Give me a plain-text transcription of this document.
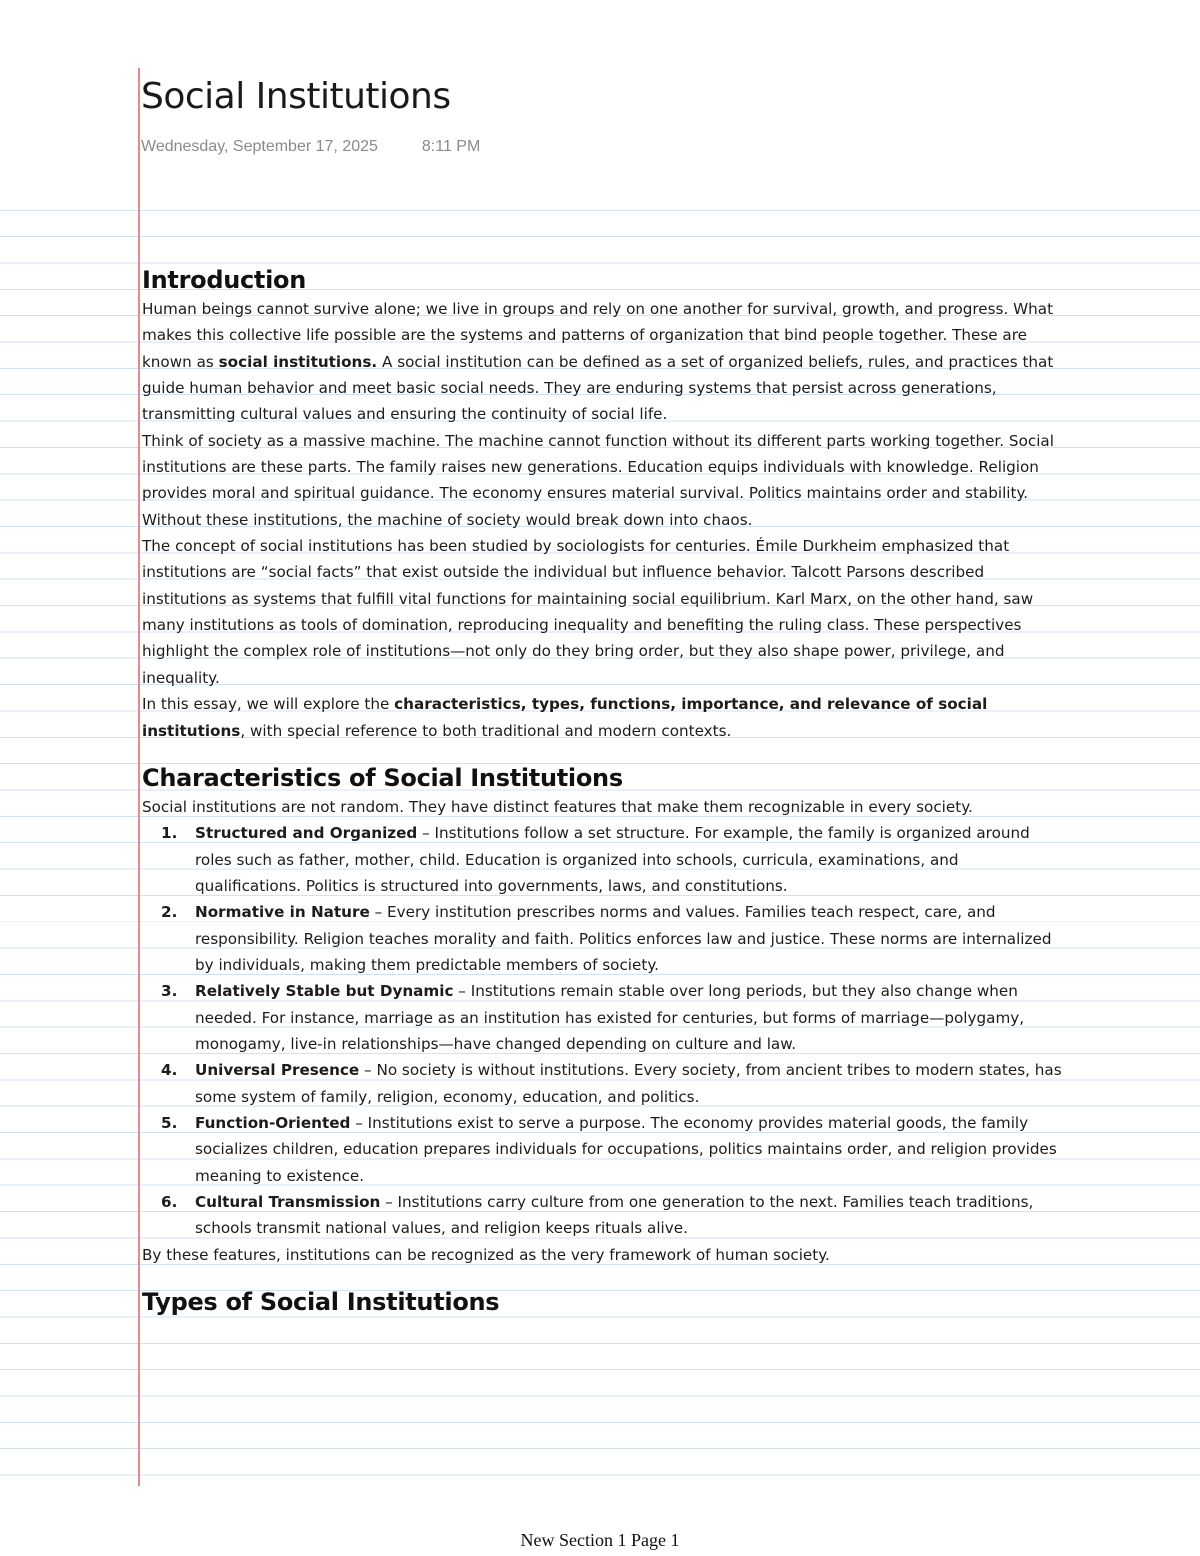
Social Institutions
Wednesday, September 17, 2025	8:11 PM
Introduction

Human beings cannot survive alone; we live in groups and rely on one another for survival, growth, and progress. What makes this collective life possible are the systems and patterns of organization that bind people together. These are known as social institutions. A social institution can be defined as a set of organized beliefs, rules, and practices that guide human behavior and meet basic social needs. They are enduring systems that persist across generations, transmitting cultural values and ensuring the continuity of social life.

Think of society as a massive machine. The machine cannot function without its different parts working together. Social institutions are these parts. The family raises new generations. Education equips individuals with knowledge. Religion provides moral and spiritual guidance. The economy ensures material survival. Politics maintains order and stability. Without these institutions, the machine of society would break down into chaos.

The concept of social institutions has been studied by sociologists for centuries. Émile Durkheim emphasized that institutions are “social facts” that exist outside the individual but influence behavior. Talcott Parsons described institutions as systems that fulfill vital functions for maintaining social equilibrium. Karl Marx, on the other hand, saw many institutions as tools of domination, reproducing inequality and benefiting the ruling class. These perspectives highlight the complex role of institutions—not only do they bring order, but they also shape power, privilege, and inequality.

In this essay, we will explore the characteristics, types, functions, importance, and relevance of social institutions, with special reference to both traditional and modern contexts.

Characteristics of Social Institutions

Social institutions are not random. They have distinct features that make them recognizable in every society.

1. Structured and Organized – Institutions follow a set structure. For example, the family is organized around roles such as father, mother, child. Education is organized into schools, curricula, examinations, and qualifications. Politics is structured into governments, laws, and constitutions.
2. Normative in Nature – Every institution prescribes norms and values. Families teach respect, care, and responsibility. Religion teaches morality and faith. Politics enforces law and justice. These norms are internalized by individuals, making them predictable members of society.
3. Relatively Stable but Dynamic – Institutions remain stable over long periods, but they also change when needed. For instance, marriage as an institution has existed for centuries, but forms of marriage—polygamy, monogamy, live-in relationships—have changed depending on culture and law.
4. Universal Presence – No society is without institutions. Every society, from ancient tribes to modern states, has some system of family, religion, economy, education, and politics.
5. Function-Oriented – Institutions exist to serve a purpose. The economy provides material goods, the family socializes children, education prepares individuals for occupations, politics maintains order, and religion provides meaning to existence.
6. Cultural Transmission – Institutions carry culture from one generation to the next. Families teach traditions, schools transmit national values, and religion keeps rituals alive.

By these features, institutions can be recognized as the very framework of human society.

Types of Social Institutions
New Section 1 Page 1
